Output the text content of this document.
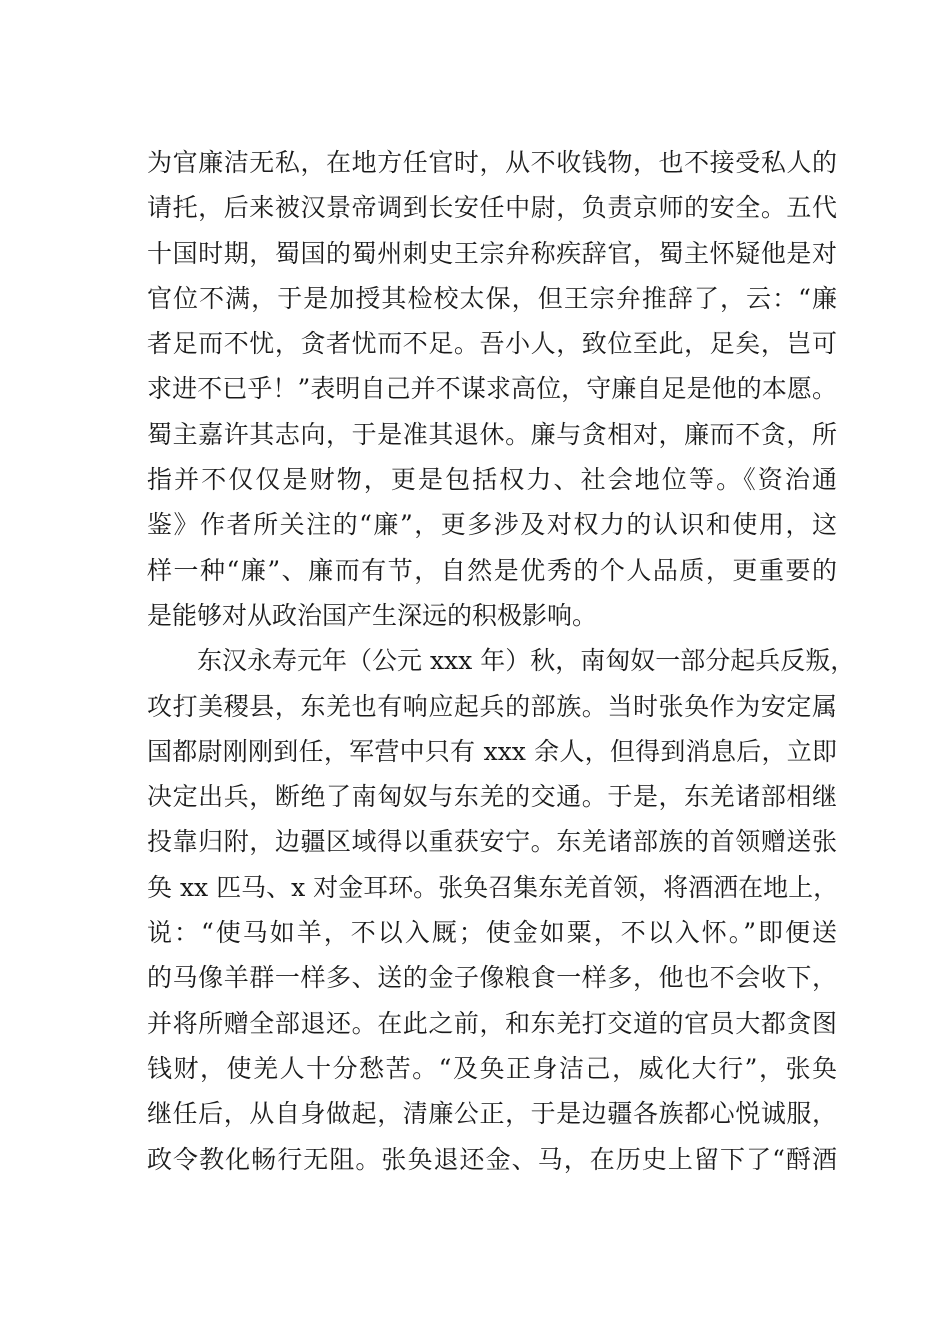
为官廉洁无私，在地方任官时，从不收钱物，也不接受私人的
请托，后来被汉景帝调到长安任中尉，负责京师的安全。五代
十国时期，蜀国的蜀州刺史王宗弁称疾辞官，蜀主怀疑他是对
官位不满，于是加授其检校太保，但王宗弁推辞了，云：“廉
者足而不忧，贪者忧而不足。吾小人，致位至此，足矣，岂可
求进不已乎！”表明自己并不谋求高位，守廉自足是他的本愿。
蜀主嘉许其志向，于是准其退休。廉与贪相对，廉而不贪，所
指并不仅仅是财物，更是包括权力、社会地位等。《资治通
鉴》作者所关注的“廉”，更多涉及对权力的认识和使用，这
样一种“廉”、廉而有节，自然是优秀的个人品质，更重要的
是能够对从政治国产生深远的积极影响。
东汉永寿元年（公元 xxx 年）秋，南匈奴一部分起兵反叛，
攻打美稷县，东羌也有响应起兵的部族。当时张奂作为安定属
国都尉刚刚到任，军营中只有 xxx 余人，但得到消息后，立即
决定出兵，断绝了南匈奴与东羌的交通。于是，东羌诸部相继
投靠归附，边疆区域得以重获安宁。东羌诸部族的首领赠送张
奂 xx 匹马、x 对金耳环。张奂召集东羌首领，将酒洒在地上，
说：“使马如羊，不以入厩；使金如粟，不以入怀。”即便送
的马像羊群一样多、送的金子像粮食一样多，他也不会收下，
并将所赠全部退还。在此之前，和东羌打交道的官员大都贪图
钱财，使羌人十分愁苦。“及奂正身洁己，威化大行”，张奂
继任后，从自身做起，清廉公正，于是边疆各族都心悦诚服，
政令教化畅行无阻。张奂退还金、马，在历史上留下了“酹酒
